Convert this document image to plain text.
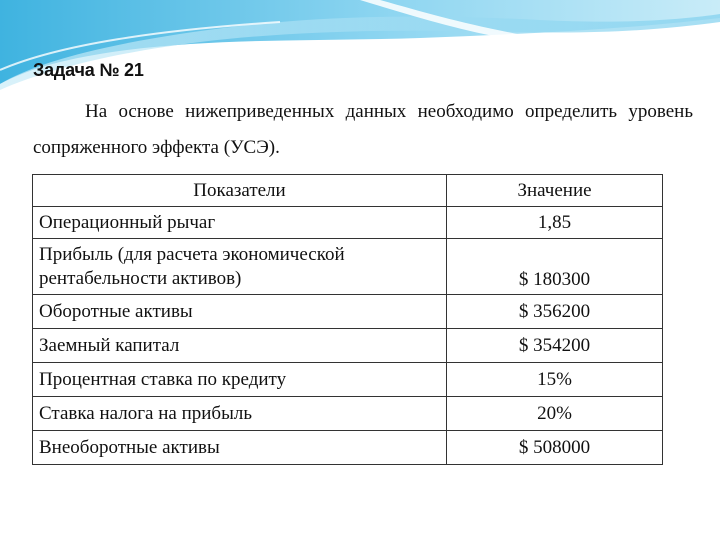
Задача № 21
На основе нижеприведенных данных необходимо определить уровень сопряженного эффекта (УСЭ).
Показатели	Значение
Операционный рычаг	1,85
Прибыль (для расчета экономической рентабельности активов)	$ 180300
Оборотные активы	$ 356200
Заемный капитал	$ 354200
Процентная ставка по кредиту	15%
Ставка налога на прибыль	20%
Внеоборотные активы	$ 508000
